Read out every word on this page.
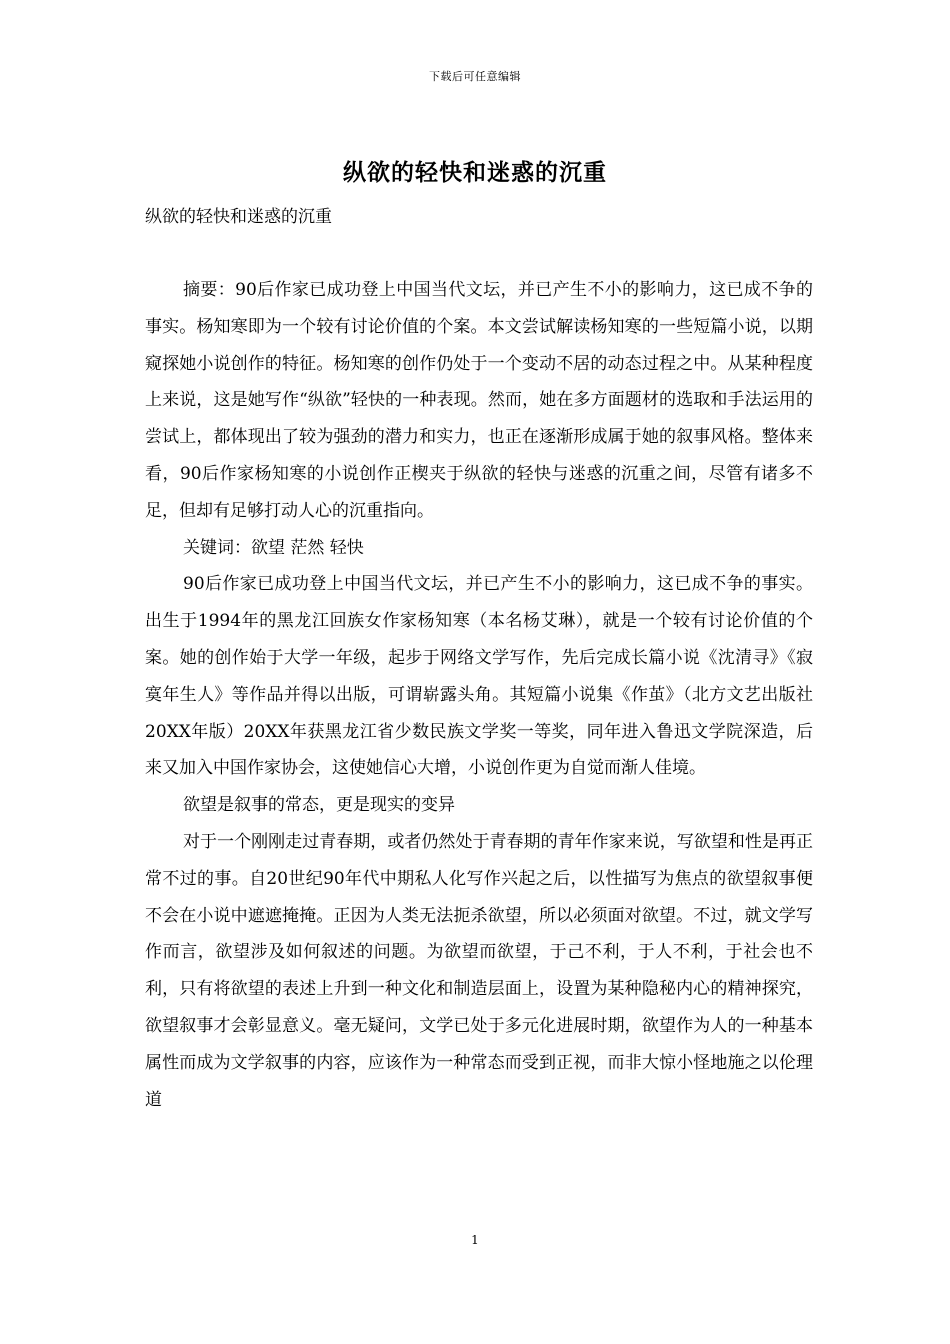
下载后可任意编辑
纵欲的轻快和迷惑的沉重
纵欲的轻快和迷惑的沉重

摘要：90后作家已成功登上中国当代文坛，并已产生不小的影响力，这已成不争的事实。杨知寒即为一个较有讨论价值的个案。本文尝试解读杨知寒的一些短篇小说，以期窥探她小说创作的特征。杨知寒的创作仍处于一个变动不居的动态过程之中。从某种程度上来说，这是她写作“纵欲”轻快的一种表现。然而，她在多方面题材的选取和手法运用的尝试上，都体现出了较为强劲的潜力和实力，也正在逐渐形成属于她的叙事风格。整体来看，90后作家杨知寒的小说创作正楔夹于纵欲的轻快与迷惑的沉重之间，尽管有诸多不足，但却有足够打动人心的沉重指向。

关键词：欲望 茫然 轻快

90后作家已成功登上中国当代文坛，并已产生不小的影响力，这已成不争的事实。出生于1994年的黑龙江回族女作家杨知寒（本名杨艾琳），就是一个较有讨论价值的个案。她的创作始于大学一年级，起步于网络文学写作，先后完成长篇小说《沈清寻》《寂寞年生人》等作品并得以出版，可谓崭露头角。其短篇小说集《作茧》（北方文艺出版社20XX年版）20XX年获黑龙江省少数民族文学奖一等奖，同年进入鲁迅文学院深造，后来又加入中国作家协会，这使她信心大增，小说创作更为自觉而渐人佳境。

欲望是叙事的常态，更是现实的变异

对于一个刚刚走过青春期，或者仍然处于青春期的青年作家来说，写欲望和性是再正常不过的事。自20世纪90年代中期私人化写作兴起之后，以性描写为焦点的欲望叙事便不会在小说中遮遮掩掩。正因为人类无法扼杀欲望，所以必须面对欲望。不过，就文学写作而言，欲望涉及如何叙述的问题。为欲望而欲望，于己不利，于人不利，于社会也不利，只有将欲望的表述上升到一种文化和制造层面上，设置为某种隐秘内心的精神探究，欲望叙事才会彰显意义。毫无疑问，文学已处于多元化进展时期，欲望作为人的一种基本属性而成为文学叙事的内容，应该作为一种常态而受到正视，而非大惊小怪地施之以伦理道

1
